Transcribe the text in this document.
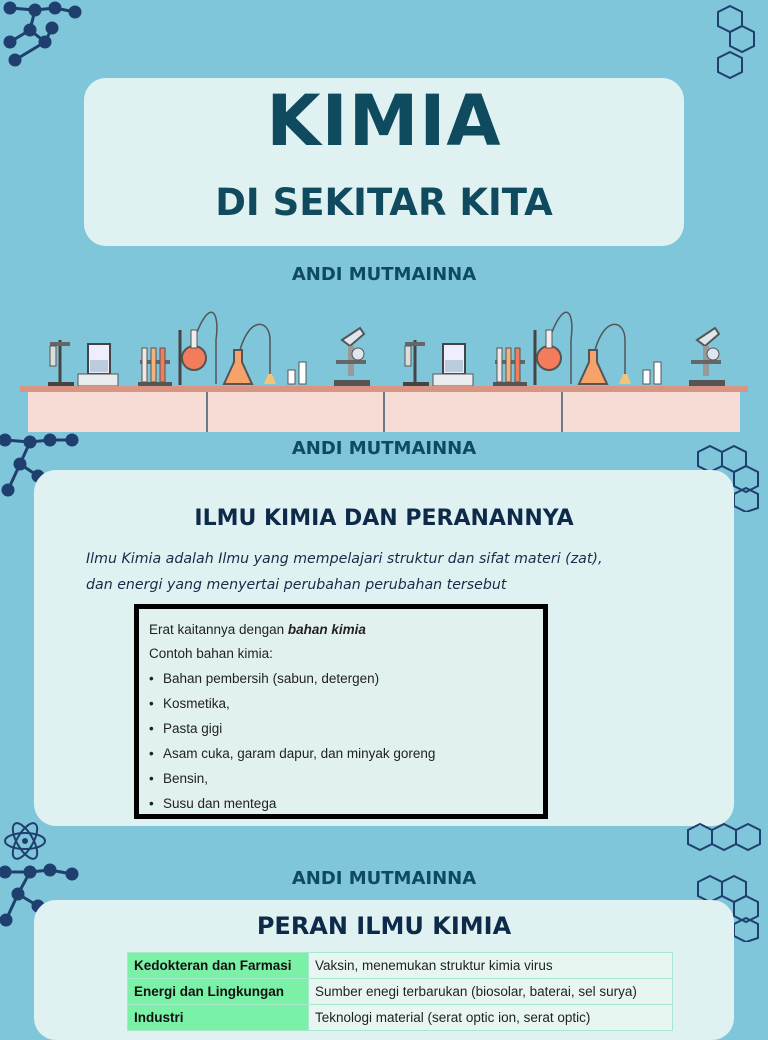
KIMIA
DI SEKITAR KITA
ANDI MUTMAINNA
ANDI MUTMAINNA
ILMU KIMIA DAN PERANANNYA
Ilmu Kimia adalah Ilmu yang mempelajari struktur dan sifat materi (zat),
dan energi yang menyertai perubahan perubahan tersebut
Erat kaitannya dengan bahan kimia
Contoh bahan kimia:
• Bahan pembersih (sabun, detergen)
• Kosmetika,
• Pasta gigi
• Asam cuka, garam dapur, dan minyak goreng
• Bensin,
• Susu dan mentega
ANDI MUTMAINNA
PERAN ILMU KIMIA
Kedokteran dan Farmasi	Vaksin, menemukan struktur kimia virus
Energi dan Lingkungan	Sumber enegi terbarukan (biosolar, baterai, sel surya)
Industri	Teknologi material (serat optic ion, serat optic)
